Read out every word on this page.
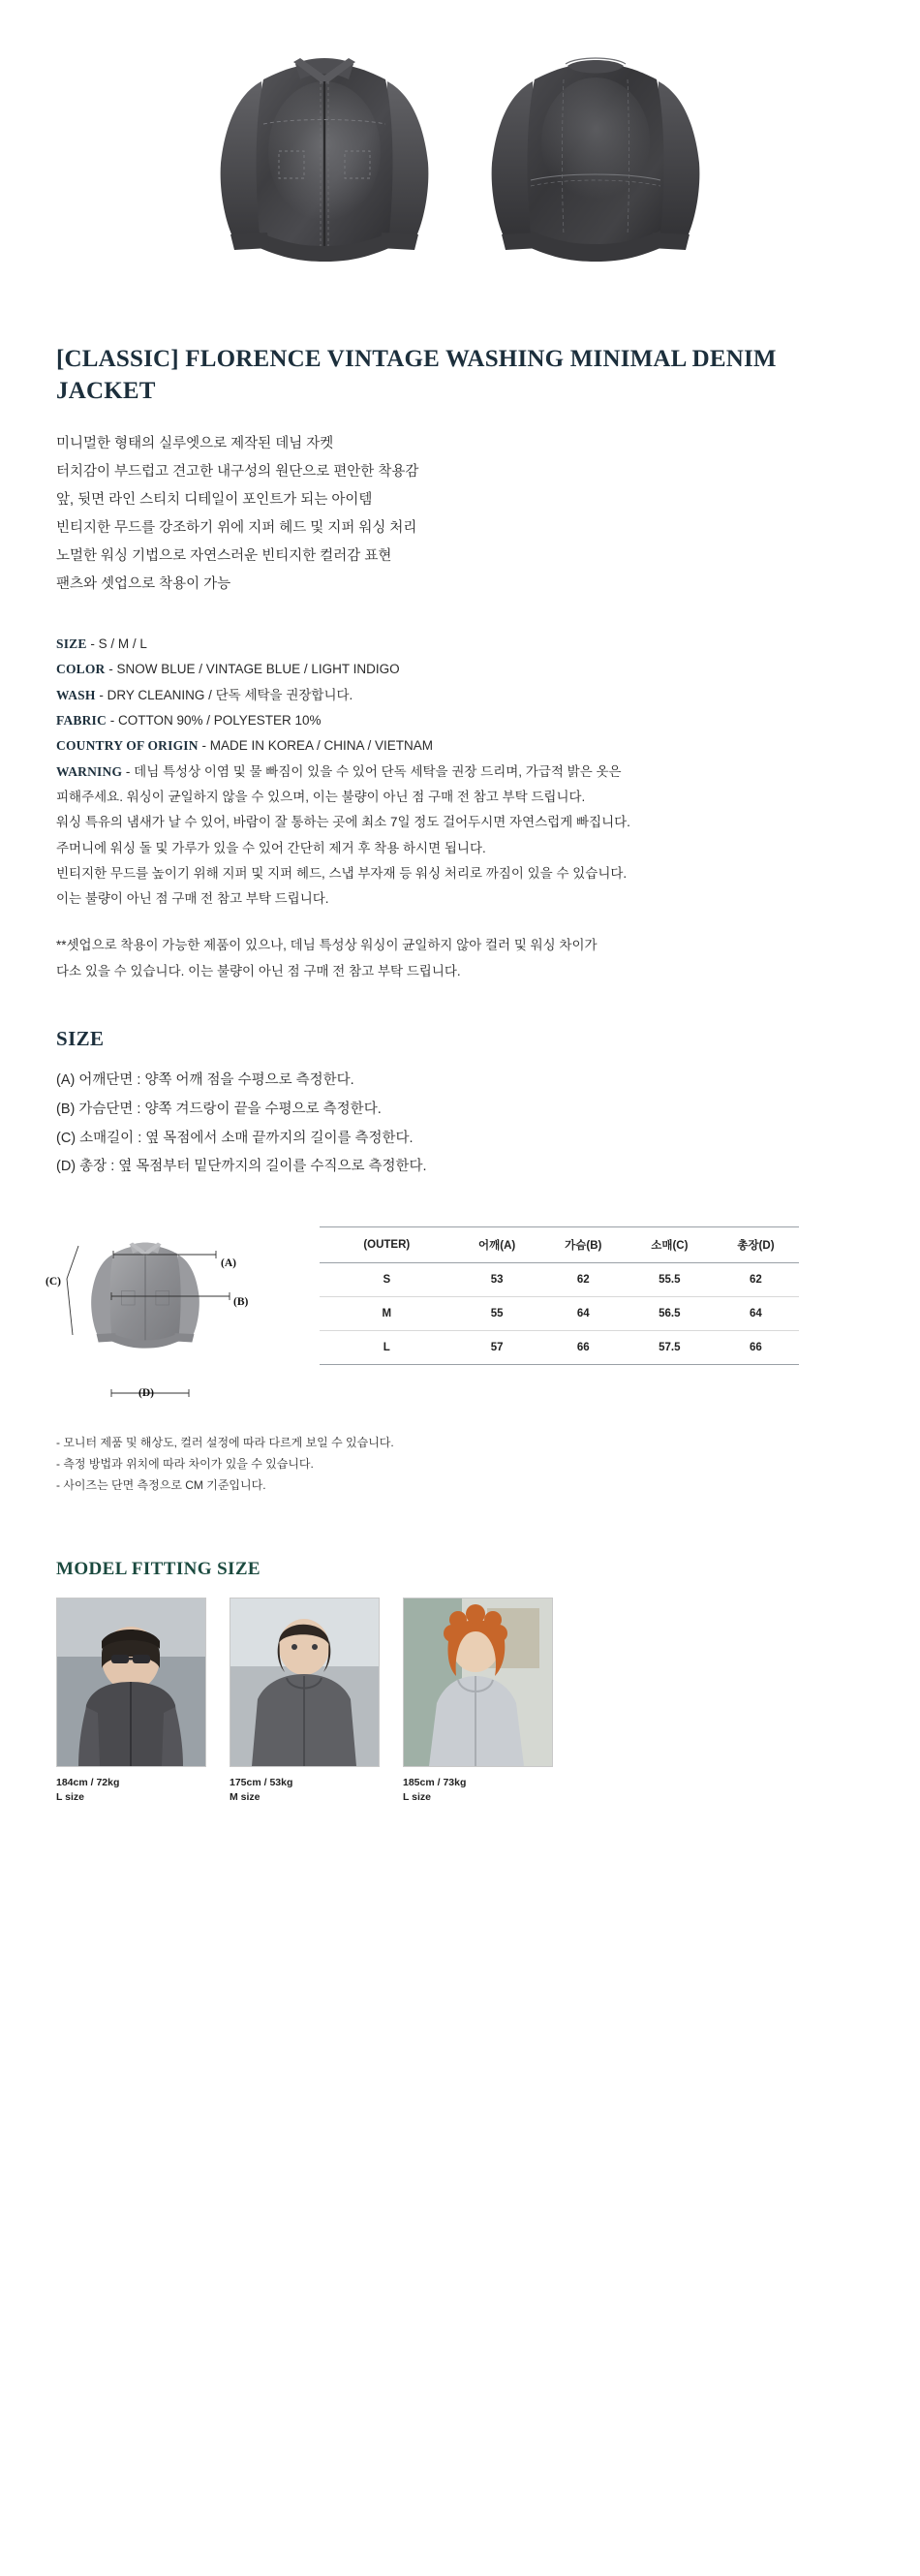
[CLASSIC] FLORENCE VINTAGE WASHING MINIMAL DENIM JACKET
미니멀한 형태의 실루엣으로 제작된 데님 자켓
터치감이 부드럽고 견고한 내구성의 원단으로 편안한 착용감
앞, 뒷면 라인 스티치 디테일이 포인트가 되는 아이템
빈티지한 무드를 강조하기 위에 지퍼 헤드 및 지퍼 워싱 처리
노멀한 워싱 기법으로 자연스러운 빈티지한 컬러감 표현
팬츠와 셋업으로 착용이 가능
SIZE - S / M / L
COLOR - SNOW BLUE / VINTAGE BLUE / LIGHT INDIGO
WASH - DRY CLEANING / 단독 세탁을 권장합니다.
FABRIC - COTTON 90% / POLYESTER 10%
COUNTRY OF ORIGIN - MADE IN KOREA / CHINA / VIETNAM
WARNING - 데님 특성상 이염 및 물 빠짐이 있을 수 있어 단독 세탁을 권장 드리며, 가급적 밝은 옷은
피해주세요. 워싱이 균일하지 않을 수 있으며, 이는 불량이 아닌 점 구매 전 참고 부탁 드립니다.
워싱 특유의 냄새가 날 수 있어, 바람이 잘 통하는 곳에 최소 7일 정도 걸어두시면 자연스럽게 빠집니다.
주머니에 워싱 돌 및 가루가 있을 수 있어 간단히 제거 후 착용 하시면 됩니다.
빈티지한 무드를 높이기 위해 지퍼 및 지퍼 헤드, 스냅 부자재 등 워싱 처리로 까짐이 있을 수 있습니다.
이는 불량이 아닌 점 구매 전 참고 부탁 드립니다.
**셋업으로 착용이 가능한 제품이 있으나, 데님 특성상 워싱이 균일하지 않아 컬러 및 워싱 차이가
다소 있을 수 있습니다. 이는 불량이 아닌 점 구매 전 참고 부탁 드립니다.
SIZE
(A) 어깨단면 : 양쪽 어깨 점을 수평으로 측정한다.
(B) 가슴단면 : 양쪽 겨드랑이 끝을 수평으로 측정한다.
(C) 소매길이 : 옆 목점에서 소매 끝까지의 길이를 측정한다.
(D) 총장 : 옆 목점부터 밑단까지의 길이를 수직으로 측정한다.
(A)
(B)
(C)
(D)
(OUTER)	어깨(A)	가슴(B)	소매(C)	총장(D)
S	53	62	55.5	62
M	55	64	56.5	64
L	57	66	57.5	66
- 모니터 제품 및 해상도, 컬러 설정에 따라 다르게 보일 수 있습니다.
- 측정 방법과 위치에 따라 차이가 있을 수 있습니다.
- 사이즈는 단면 측정으로 CM 기준입니다.
MODEL FITTING SIZE
184cm / 72kg
L size
175cm / 53kg
M size
185cm / 73kg
L size
